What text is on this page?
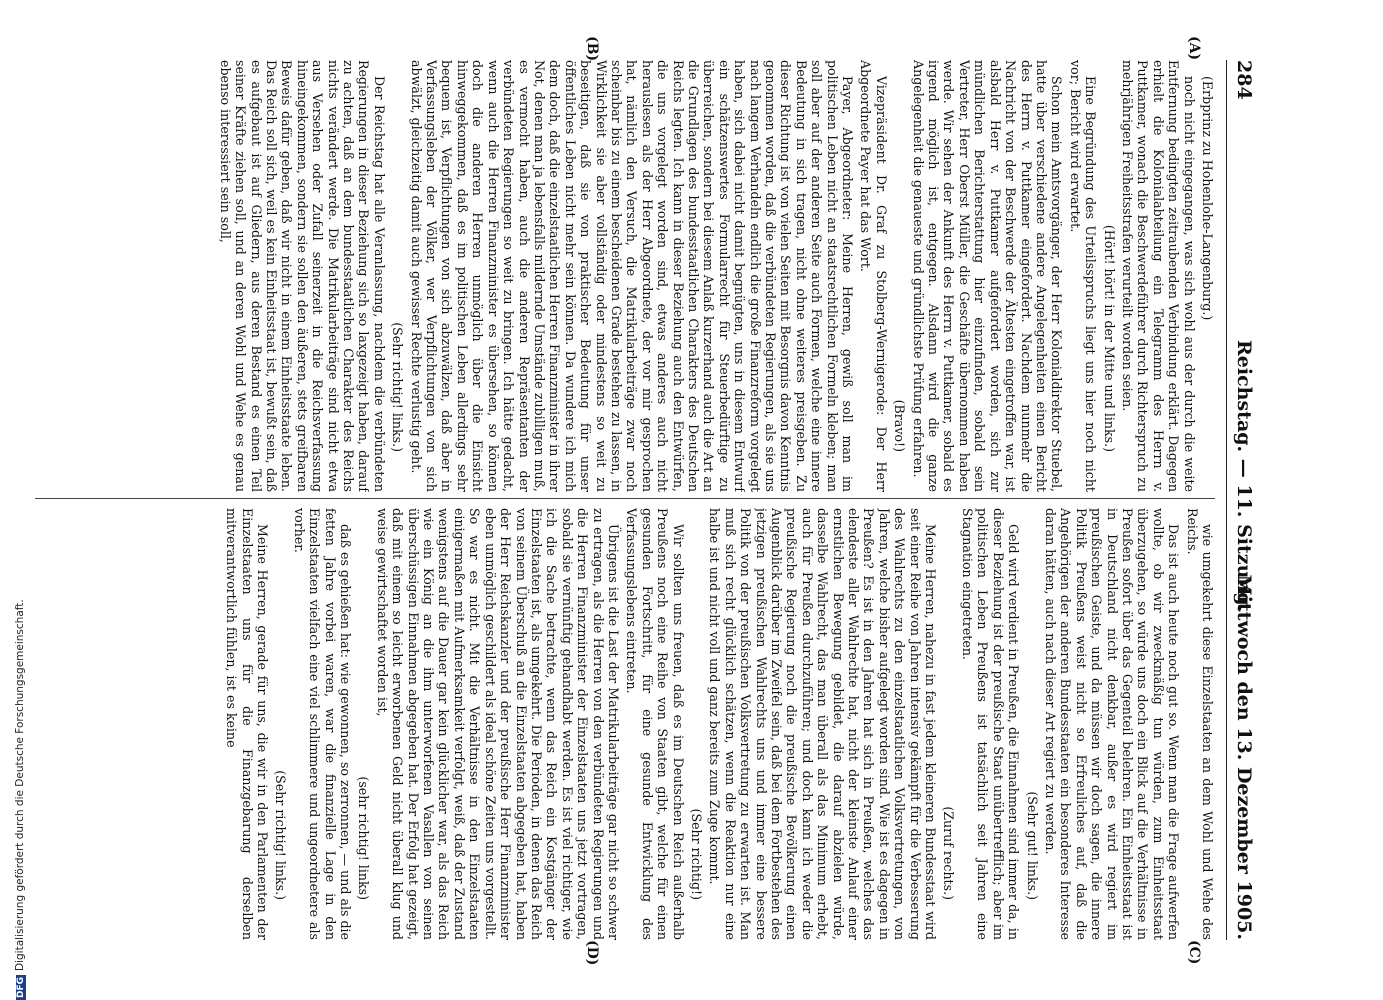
284
Reichstag. — 11. Sitzung.
Mittwoch den 13. Dezember 1905.
(A)
(B)
(C)
(D)
(Erbprinz zu Hohenlohe-Langenburg.)
noch nicht eingegangen, was sich wohl aus der durch die weite Entfernung bedingten zeitraubenden Verbindung erklärt. Dagegen erhielt die Kolonialabteilung ein Telegramm des Herrn v. Puttkamer, wonach die Beschwerdeführer durch Richterspruch zu mehrjährigen Freiheitsstrafen verurteilt worden seien.
(Hört! hört! in der Mitte und links.)
Eine Begründung des Urteilsspruchs liegt uns hier noch nicht vor; Bericht wird erwartet.
Schon mein Amtsvorgänger, der Herr Kolonialdirektor Stuebel, hatte über verschiedene andere Angelegenheiten einen Bericht des Herrn v. Puttkamer eingefordert. Nachdem nunmehr die Nachricht von der Beschwerde der Ältesten eingetroffen war, ist alsbald Herr v. Puttkamer aufgefordert worden, sich zur mündlichen Berichterstattung hier einzufinden, sobald sein Vertreter, Herr Oberst Müller, die Geschäfte übernommen haben werde. Wir sehen der Ankunft des Herrn v. Puttkamer, sobald es irgend möglich ist, entgegen. Alsdann wird die ganze Angelegenheit die genaueste und gründlichste Prüfung erfahren.
(Bravo!)
Vizepräsident Dr. Graf zu Stolberg-Wernigerode: Der Herr Abgeordnete Payer hat das Wort.
Payer, Abgeordneter: Meine Herren, gewiß soll man im politischen Leben nicht an staatsrechtlichen Formeln kleben; man soll aber auf der anderen Seite auch Formen, welche eine innere Bedeutung in sich tragen, nicht ohne weiteres preisgeben. Zu dieser Richtung ist von vielen Seiten mit Besorgnis davon Kenntnis genommen worden, daß die verbündeten Regierungen, als sie uns nach langem Verhandeln endlich die große Finanzreform vorgelegt haben, sich dabei nicht damit begnügten, uns in diesem Entwurf ein schätzenswertes Formularrecht für Steuerbedürftige zu überreichen, sondern bei diesem Anlaß kurzerhand auch die Art an die Grundlagen des bundesstaatlichen Charakters des Deutschen Reichs legten. Ich kann in dieser Beziehung auch den Entwürfen, die uns vorgelegt worden sind, etwas anderes auch nicht herauslesen als der Herr Abgeordnete, der vor mir gesprochen hat, nämlich den Versuch, die Matrikularbeiträge zwar noch scheinbar bis zu einem bescheidenen Grade bestehen zu lassen, in Wirklichkeit sie aber vollständig oder mindestens so weit zu beseitigen, daß sie von praktischer Bedeutung für unser öffentliches Leben nicht mehr sein können. Da wundere ich mich dem doch, daß die einzelstaatlichen Herren Finanzminister in ihrer Not, denen man ja lebensfalls mildernde Umstände zubilligen muß, es vermocht haben, auch die anderen Repräsentanten der verbündeten Regierungen so weit zu bringen. Ich hätte gedacht, wenn auch die Herren Finanzminister es übersehen, so können doch die anderen Herren unmöglich über die Einsicht hinweggekommen, daß es im politischen Leben allerdings sehr bequem ist, Verpflichtungen von sich abzuwälzen, daß aber in Verfassungsleben der Völker, wer Verpflichtungen von sich abwälzt, gleichzeitig damit auch gewisser Rechte verlustig geht.
(Sehr richtig! links.)
Der Reichstag hat alle Veranlassung, nachdem die verbündeten Regierungen in dieser Beziehung sich so laxgezeigt haben, darauf zu achten, daß an dem bundesstaatlichen Charakter des Reichs nichts verändert werde. Die Matrikularbeiträge sind nicht etwa aus Versehen oder Zufall seinerzeit in die Reichsverfassung hineingekommen, sondern sie sollen den äußeren, stets greifbaren Beweis dafür geben, daß wir nicht in einem Einheitsstaate leben. Das Reich soll sich, weil es kein Einheitsstaat ist, bewußt sein, daß es aufgebaut ist auf Gliedern, aus deren Bestand es einen Teil seiner Kräfte ziehen soll, und an deren Wohl und Wehe es genau ebenso interessiert sein soll,
wie umgekehrt diese Einzelstaaten an dem Wohl und Wehe des Reichs.
Das ist auch heute noch gut so. Wenn man die Frage aufwerfen wollte, ob wir zweckmäßig tun würden, zum Einheitsstaat überzugehen, so würde uns doch ein Blick auf die Verhältnisse in Preußen sofort über das Gegenteil belehren. Ein Einheitsstaat ist in Deutschland nicht denkbar, außer es wird regiert im preußischen Geiste, und da müssen wir doch sagen, die innere Politik Preußens weist nicht so Erfreuliches auf, daß die Angehörigen der anderen Bundesstaaten ein besonderes Interesse daran hätten, auch nach dieser Art regiert zu werden.
(Sehr gut! links.)
Geld wird verdient in Preußen, die Einnahmen sind immer da, in dieser Beziehung ist der preußische Staat unübertrefflich; aber im politischen Leben Preußens ist tatsächlich seit Jahren eine Stagnation eingetreten.
(Zuruf rechts.)
Meine Herren, nahezu in fast jedem kleineren Bundesstaat wird seit einer Reihe von Jahren intensiv gekämpft für die Verbesserung des Wahlrechts zu den einzelstaatlichen Volksvertretungen, von Jahren, welche bisher aufgelegt worden sind. Wie ist es dagegen in Preußen? Es ist in den Jahren hat sich in Preußen, welches das elendeste aller Wahlrechte hat, nicht der kleinste Anlauf einer ernstlichen Bewegung gebildet, die darauf abzielen würde, dasselbe Wahlrecht, das man überall als das Minimum erhebt, auch für Preußen durchzuführen; und doch kann ich weder die preußische Regierung noch die preußische Bevölkerung einen Augenblick darüber im Zweifel sein, daß bei dem Fortbestehen des jetzigen preußischen Wahlrechts uns und immer eine bessere Politik von der preußischen Volksvertretung zu erwarten ist. Man muß sich recht glücklich schätzen, wenn die Reaktion nur eine halbe ist und nicht voll und ganz bereits zum Zuge kommt.
(Sehr richtig!)
Wir sollten uns freuen, daß es im Deutschen Reich außerhalb Preußens noch eine Reihe von Staaten gibt, welche für einen gesunden Fortschritt, für eine gesunde Entwicklung des Verfassungslebens eintreten.
Übrigens ist die Last der Matrikularbeiträge gar nicht so schwer zu ertragen, als die Herren von den verbündeten Regierungen und die Herren Finanzminister der Einzelstaaten uns jetzt vortragen, sobald sie vernünftig gehandhabt werden. Es ist viel richtiger, wie ich die Sache betrachte, wenn das Reich ein Kostgänger der Einzelstaaten ist, als umgekehrt. Die Perioden, in denen das Reich von seinem Überschuß an die Einzelstaaten abgegeben hat, haben der Herr Reichskanzler und der preußische Herr Finanzminister eben unmöglich geschildert als ideal schöne Zeiten uns vorgestellt. So war es nicht. Mit die Verhältnisse in den Einzelstaaten einigermaßen mit Aufmerksamkeit verfolgt, weiß, daß der Zustand wenigstens auf die Dauer gar kein glücklicher war, als das Reich wie ein König an die ihm unterworfenen Vasallen von seinen überschüssigen Einnahmen abgegeben hat. Der Erfolg hat gezeigt, daß mit einem so leicht erworbenen Geld nicht überall klug und weise gewirtschaftet worden ist,
(sehr richtig! links)
daß es gehießen hat: wie gewonnen, so zerronnen, — und als die fetten Jahre vorbei waren, war die finanzielle Lage in den Einzelstaaten vielfach eine viel schlimmere und ungeordnetere als vorher.
(Sehr richtig! links.)
Meine Herren, gerade für uns, die wir in den Parlamenten der Einzelstaaten uns für die Finanzgebarung derselben mitverantwortlich fühlen, ist es keine
DFGDigitalisierung gefördert durch die Deutsche Forschungsgemeinschaft.
